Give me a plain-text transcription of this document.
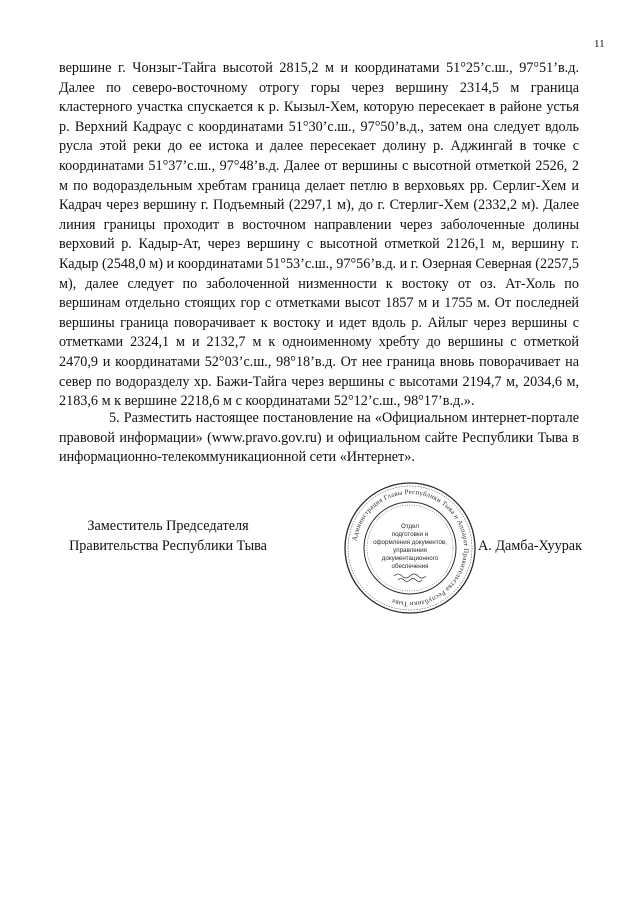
11

вершине г. Чонзыг-Тайга высотой 2815,2 м и координатами 51°25’с.ш., 97°51’в.д. Далее по северо-восточному отрогу горы через вершину 2314,5 м граница кластерного участка спускается к р. Кызыл-Хем, которую пересекает в районе устья р. Верхний Кадраус с координатами 51°30’с.ш., 97°50’в.д., затем она следует вдоль русла этой реки до ее истока и далее пересекает долину р. Аджингай в точке с координатами 51°37’с.ш., 97°48’в.д. Далее от вершины с высотной отметкой 2526, 2 м по водораздельным хребтам граница делает петлю в верховьях рр. Серлиг-Хем и Кадрач через вершину г. Подъемный (2297,1 м), до г. Стерлиг-Хем (2332,2 м). Далее линия границы проходит в восточном направлении через заболоченные долины верховий р. Кадыр-Ат, через вершину с высотной отметкой 2126,1 м, вершину г. Кадыр (2548,0 м) и координатами 51°53’с.ш., 97°56’в.д. и г. Озерная Северная (2257,5 м), далее следует по заболоченной низменности к востоку от оз. Ат-Холь по вершинам отдельно стоящих гор с отметками высот 1857 м и 1755 м. От последней вершины граница поворачивает к востоку и идет вдоль р. Айлыг через вершины с отметками 2324,1 м и 2132,7 м к одноименному хребту до вершины с отметкой 2470,9 и координатами 52°03’с.ш., 98°18’в.д. От нее граница вновь поворачивает на север по водоразделу хр. Бажи-Тайга через вершины с высотами 2194,7 м, 2034,6 м, 2183,6 м к вершине 2218,6 м с координатами 52°12’с.ш., 98°17’в.д.».

5. Разместить настоящее постановление на «Официальном интернет-портале правовой информации» (www.pravo.gov.ru) и официальном сайте Республики Тыва в информационно-телекоммуникационной сети «Интернет».

Заместитель Председателя
Правительства Республики Тыва	А. Дамба-Хуурак
Администрация Главы Республики Тыва и Аппарат Правительства Республики Тыва
Отдел
подготовки и
оформления документов,
управления
документационного
обеспечения
